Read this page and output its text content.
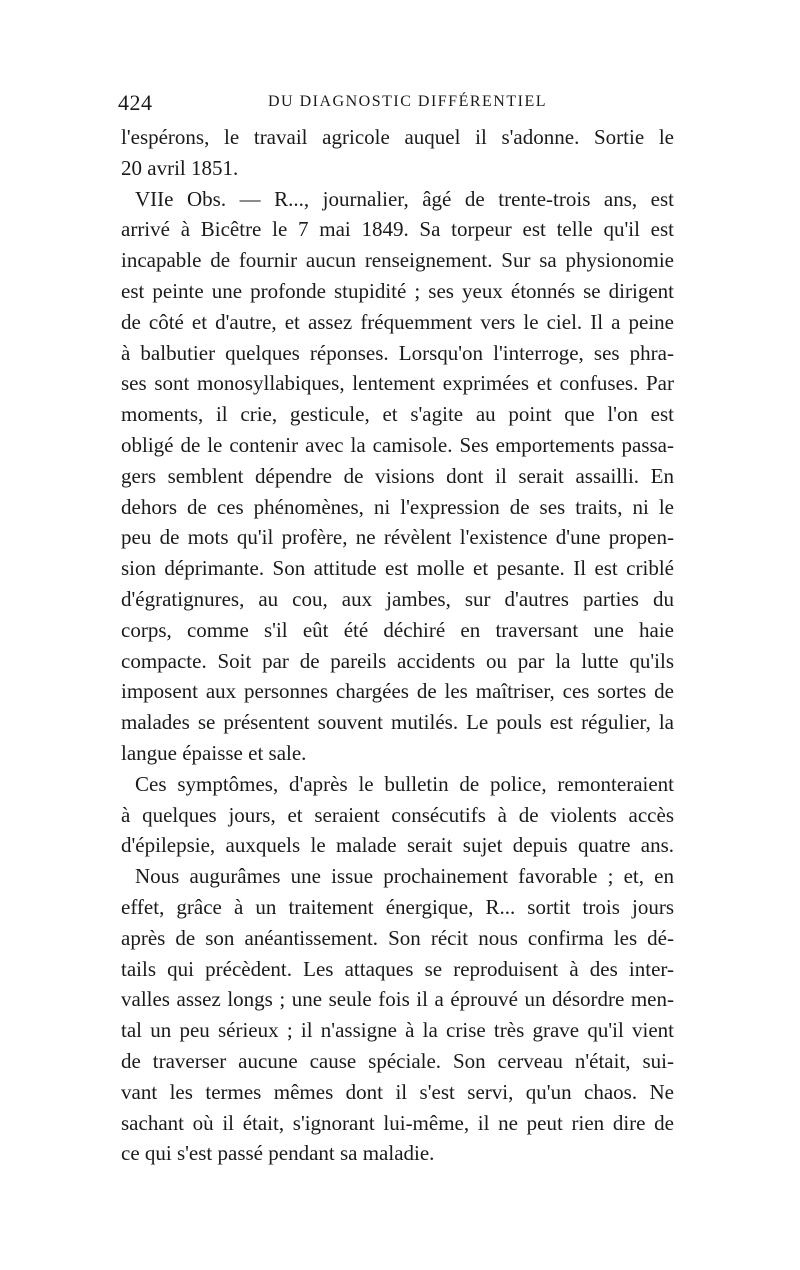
424	DU DIAGNOSTIC DIFFÉRENTIEL
l'espérons, le travail agricole auquel il s'adonne. Sortie le
20 avril 1851.
VIIe Obs. — R..., journalier, âgé de trente-trois ans, est
arrivé à Bicêtre le 7 mai 1849. Sa torpeur est telle qu'il est
incapable de fournir aucun renseignement. Sur sa physionomie
est peinte une profonde stupidité ; ses yeux étonnés se dirigent
de côté et d'autre, et assez fréquemment vers le ciel. Il a peine
à balbutier quelques réponses. Lorsqu'on l'interroge, ses phra-
ses sont monosyllabiques, lentement exprimées et confuses. Par
moments, il crie, gesticule, et s'agite au point que l'on est
obligé de le contenir avec la camisole. Ses emportements passa-
gers semblent dépendre de visions dont il serait assailli. En
dehors de ces phénomènes, ni l'expression de ses traits, ni le
peu de mots qu'il profère, ne révèlent l'existence d'une propen-
sion déprimante. Son attitude est molle et pesante. Il est criblé
d'égratignures, au cou, aux jambes, sur d'autres parties du
corps, comme s'il eût été déchiré en traversant une haie
compacte. Soit par de pareils accidents ou par la lutte qu'ils
imposent aux personnes chargées de les maîtriser, ces sortes de
malades se présentent souvent mutilés. Le pouls est régulier, la
langue épaisse et sale.
Ces symptômes, d'après le bulletin de police, remonteraient
à quelques jours, et seraient consécutifs à de violents accès
d'épilepsie, auxquels le malade serait sujet depuis quatre ans.
Nous augurâmes une issue prochainement favorable ; et, en
effet, grâce à un traitement énergique, R... sortit trois jours
après de son anéantissement. Son récit nous confirma les dé-
tails qui précèdent. Les attaques se reproduisent à des inter-
valles assez longs ; une seule fois il a éprouvé un désordre men-
tal un peu sérieux ; il n'assigne à la crise très grave qu'il vient
de traverser aucune cause spéciale. Son cerveau n'était, sui-
vant les termes mêmes dont il s'est servi, qu'un chaos. Ne
sachant où il était, s'ignorant lui-même, il ne peut rien dire de
ce qui s'est passé pendant sa maladie.
